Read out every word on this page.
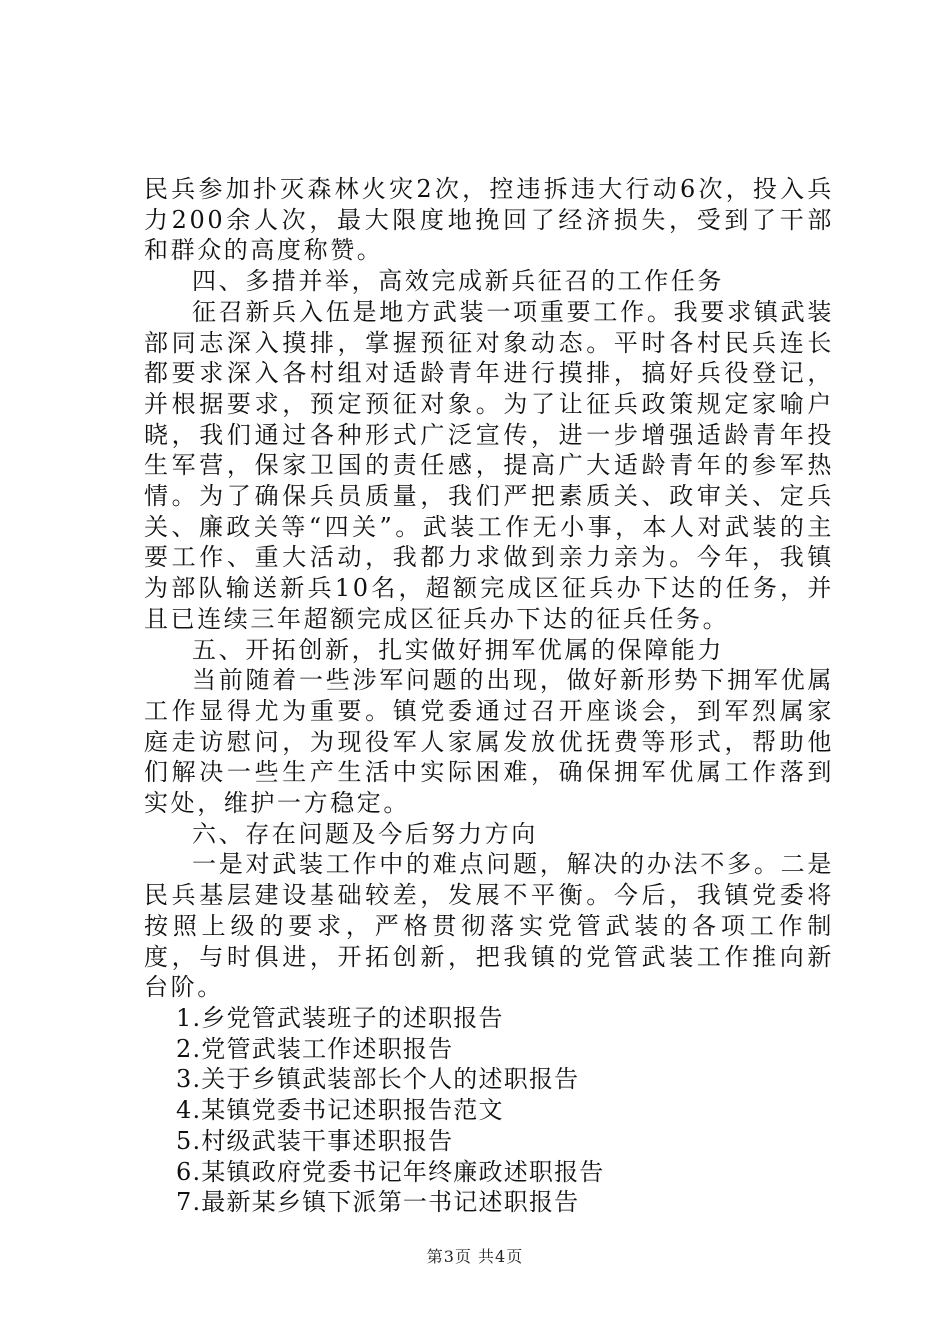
民兵参加扑灭森林火灾2次，控违拆违大行动6次，投入兵力200余人次，最大限度地挽回了经济损失，受到了干部和群众的高度称赞。

四、多措并举，高效完成新兵征召的工作任务

征召新兵入伍是地方武装一项重要工作。我要求镇武装部同志深入摸排，掌握预征对象动态。平时各村民兵连长都要求深入各村组对适龄青年进行摸排，搞好兵役登记，并根据要求，预定预征对象。为了让征兵政策规定家喻户晓，我们通过各种形式广泛宣传，进一步增强适龄青年投生军营，保家卫国的责任感，提高广大适龄青年的参军热情。为了确保兵员质量，我们严把素质关、政审关、定兵关、廉政关等“四关”。武装工作无小事，本人对武装的主要工作、重大活动，我都力求做到亲力亲为。今年，我镇为部队输送新兵10名，超额完成区征兵办下达的任务，并且已连续三年超额完成区征兵办下达的征兵任务。

五、开拓创新，扎实做好拥军优属的保障能力

当前随着一些涉军问题的出现，做好新形势下拥军优属工作显得尤为重要。镇党委通过召开座谈会，到军烈属家庭走访慰问，为现役军人家属发放优抚费等形式，帮助他们解决一些生产生活中实际困难，确保拥军优属工作落到实处，维护一方稳定。

六、存在问题及今后努力方向

一是对武装工作中的难点问题，解决的办法不多。二是民兵基层建设基础较差，发展不平衡。今后，我镇党委将按照上级的要求，严格贯彻落实党管武装的各项工作制度，与时俱进，开拓创新，把我镇的党管武装工作推向新台阶。

1.乡党管武装班子的述职报告
2.党管武装工作述职报告
3.关于乡镇武装部长个人的述职报告
4.某镇党委书记述职报告范文
5.村级武装干事述职报告
6.某镇政府党委书记年终廉政述职报告
7.最新某乡镇下派第一书记述职报告
第3页 共4页
